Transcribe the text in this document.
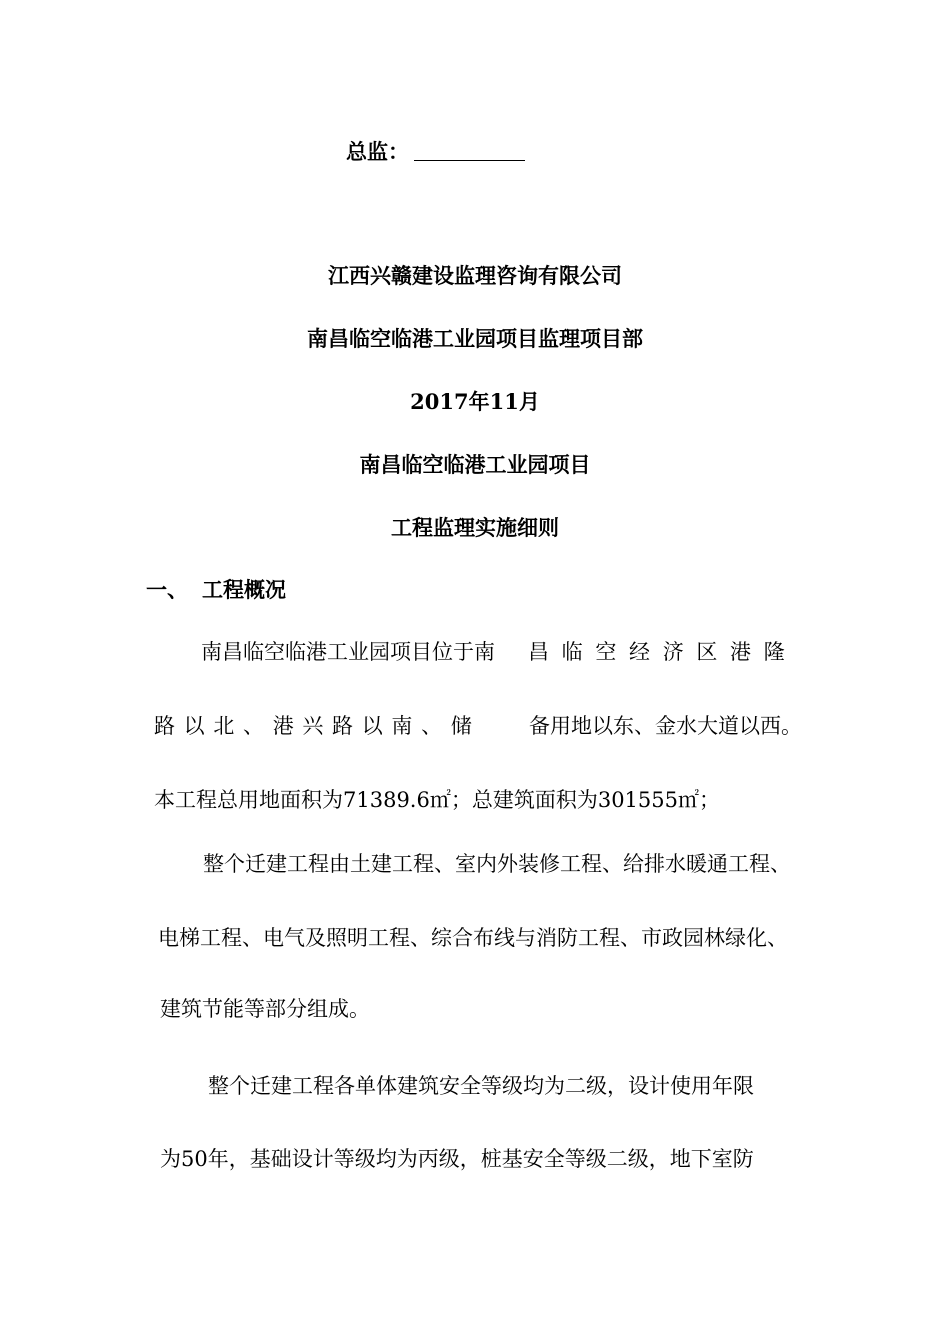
总监：
江西兴赣建设监理咨询有限公司
南昌临空临港工业园项目监理项目部
2017年11月
南昌临空临港工业园项目
工程监理实施细则
一、 工程概况
南昌临空临港工业园项目位于南 昌 临 空 经 济 区 港 隆
路 以 北 、 港 兴 路 以 南 、 储	备用地以东、金水大道以西。
本工程总用地面积为71389.6㎡；总建筑面积为301555㎡；
整个迁建工程由土建工程、室内外装修工程、给排水暖通工程、
电梯工程、电气及照明工程、综合布线与消防工程、市政园林绿化、
建筑节能等部分组成。
整个迁建工程各单体建筑安全等级均为二级，设计使用年限
为50年，基础设计等级均为丙级，桩基安全等级二级，地下室防
